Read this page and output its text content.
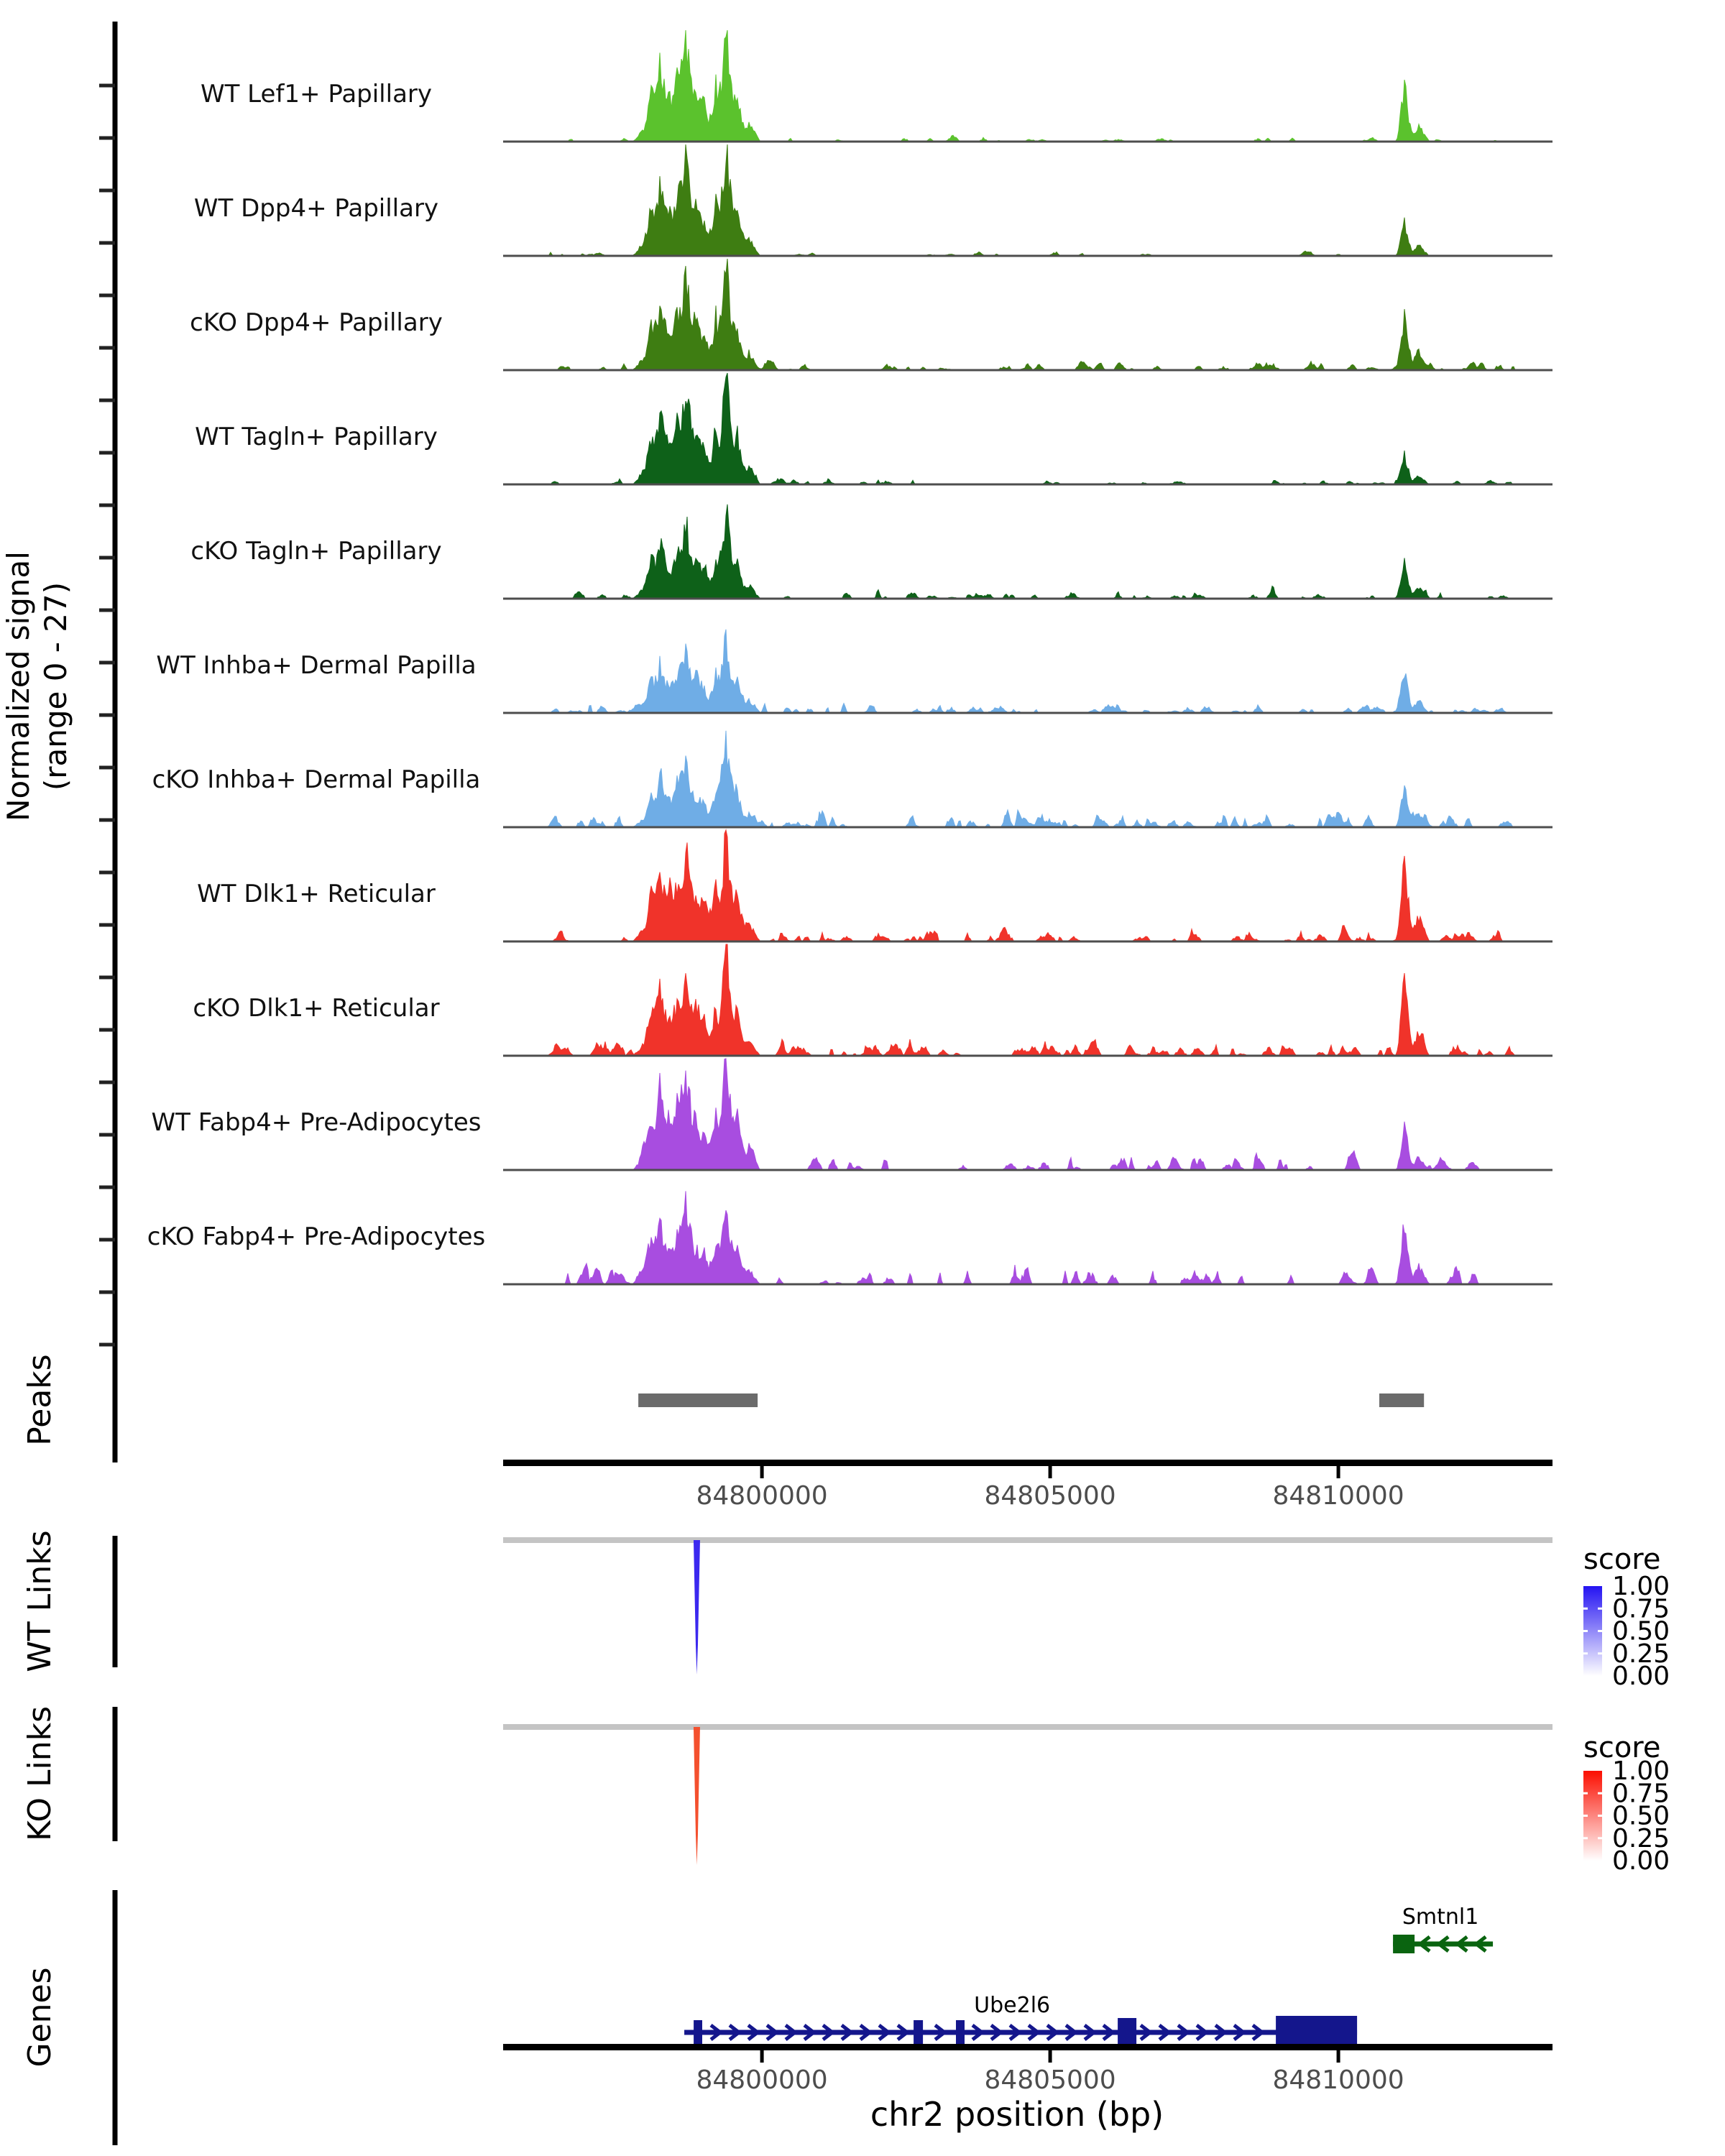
Normalized signal (range 0 - 27)
Peaks
WT Links
KO Links
Genes
WT Lef1+ Papillary
WT Dpp4+ Papillary
cKO Dpp4+ Papillary
WT Tagln+ Papillary
cKO Tagln+ Papillary
WT Inhba+ Dermal Papilla
cKO Inhba+ Dermal Papilla
WT Dlk1+ Reticular
cKO Dlk1+ Reticular
WT Fabp4+ Pre-Adipocytes
cKO Fabp4+ Pre-Adipocytes
84800000	84805000	84810000
1.00
0.75
0.50
0.25
0.00
1.00
0.75
0.50
0.25
0.00
Smtnl1
Ube2l6
84800000	84805000	84810000
score
score
chr2 position (bp)
